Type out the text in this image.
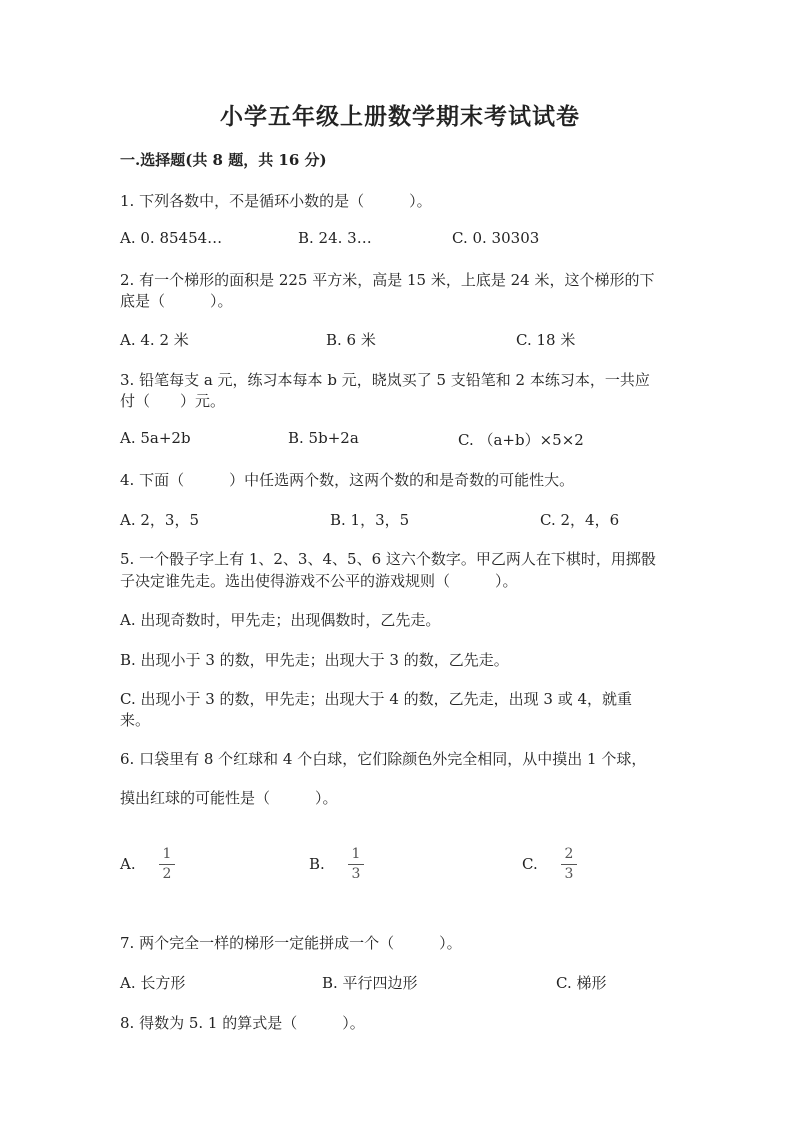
小学五年级上册数学期末考试试卷
一.选择题(共 8 题，共 16 分)
1. 下列各数中，不是循环小数的是（　　　）。
A. 0. 85454…	B. 24. 3…	C. 0. 30303
2. 有一个梯形的面积是 225 平方米，高是 15 米，上底是 24 米，这个梯形的下
底是（　　　）。
A. 4. 2 米	B. 6 米	C. 18 米
3. 铅笔每支 a 元，练习本每本 b 元，晓岚买了 5 支铅笔和 2 本练习本，一共应
付（　　）元。
A. 5a+2b	B. 5b+2a	C. （a+b）×5×2
4. 下面（　　　）中任选两个数，这两个数的和是奇数的可能性大。
A. 2，3，5	B. 1，3，5	C. 2，4，6
5. 一个骰子字上有 1、2、3、4、5、6 这六个数字。甲乙两人在下棋时，用掷骰
子决定谁先走。选出使得游戏不公平的游戏规则（　　　）。
A. 出现奇数时，甲先走；出现偶数时，乙先走。
B. 出现小于 3 的数，甲先走；出现大于 3 的数，乙先走。
C. 出现小于 3 的数，甲先走；出现大于 4 的数，乙先走，出现 3 或 4，就重
来。
6. 口袋里有 8 个红球和 4 个白球，它们除颜色外完全相同，从中摸出 1 个球，
摸出红球的可能性是（　　　）。
A.
1
2
B.
1
3
C.
2
3
7. 两个完全一样的梯形一定能拼成一个（　　　）。
A. 长方形	B. 平行四边形	C. 梯形
8. 得数为 5. 1 的算式是（　　　）。
